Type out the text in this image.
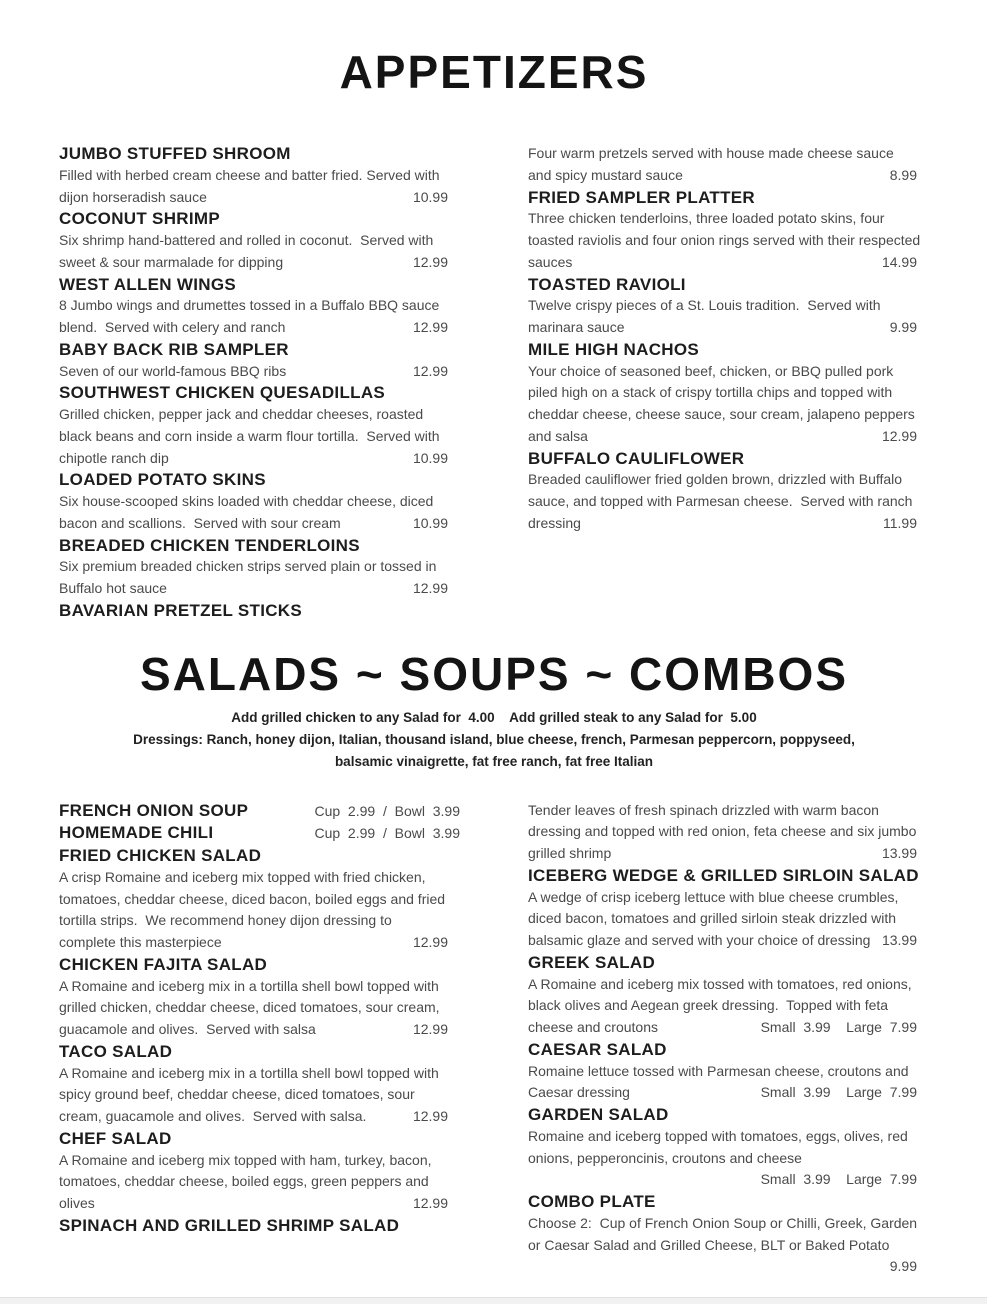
APPETIZERS
JUMBO STUFFED SHROOM
Filled with herbed cream cheese and batter fried. Served with
dijon horseradish sauce	10.99
COCONUT SHRIMP
Six shrimp hand-battered and rolled in coconut.  Served with
sweet & sour marmalade for dipping	12.99
WEST ALLEN WINGS
8 Jumbo wings and drumettes tossed in a Buffalo BBQ sauce
blend.  Served with celery and ranch	12.99
BABY BACK RIB SAMPLER
Seven of our world-famous BBQ ribs	12.99
SOUTHWEST CHICKEN QUESADILLAS
Grilled chicken, pepper jack and cheddar cheeses, roasted
black beans and corn inside a warm flour tortilla.  Served with
chipotle ranch dip	10.99
LOADED POTATO SKINS
Six house-scooped skins loaded with cheddar cheese, diced
bacon and scallions.  Served with sour cream	10.99
BREADED CHICKEN TENDERLOINS
Six premium breaded chicken strips served plain or tossed in
Buffalo hot sauce	12.99
BAVARIAN PRETZEL STICKS
Four warm pretzels served with house made cheese sauce
and spicy mustard sauce	8.99
FRIED SAMPLER PLATTER
Three chicken tenderloins, three loaded potato skins, four
toasted raviolis and four onion rings served with their respected
sauces	14.99
TOASTED RAVIOLI
Twelve crispy pieces of a St. Louis tradition.  Served with
marinara sauce	9.99
MILE HIGH NACHOS
Your choice of seasoned beef, chicken, or BBQ pulled pork
piled high on a stack of crispy tortilla chips and topped with
cheddar cheese, cheese sauce, sour cream, jalapeno peppers
and salsa	12.99
BUFFALO CAULIFLOWER
Breaded cauliflower fried golden brown, drizzled with Buffalo
sauce, and topped with Parmesan cheese.  Served with ranch
dressing	11.99
SALADS ~ SOUPS ~ COMBOS
Add grilled chicken to any Salad for  4.00    Add grilled steak to any Salad for  5.00
Dressings: Ranch, honey dijon, Italian, thousand island, blue cheese, french, Parmesan peppercorn, poppyseed,
balsamic vinaigrette, fat free ranch, fat free Italian
FRENCH ONION SOUP	Cup  2.99  /  Bowl  3.99
HOMEMADE CHILI	Cup  2.99  /  Bowl  3.99
FRIED CHICKEN SALAD
A crisp Romaine and iceberg mix topped with fried chicken,
tomatoes, cheddar cheese, diced bacon, boiled eggs and fried
tortilla strips.  We recommend honey dijon dressing to
complete this masterpiece	12.99
CHICKEN FAJITA SALAD
A Romaine and iceberg mix in a tortilla shell bowl topped with
grilled chicken, cheddar cheese, diced tomatoes, sour cream,
guacamole and olives.  Served with salsa	12.99
TACO SALAD
A Romaine and iceberg mix in a tortilla shell bowl topped with
spicy ground beef, cheddar cheese, diced tomatoes, sour
cream, guacamole and olives.  Served with salsa.	12.99
CHEF SALAD
A Romaine and iceberg mix topped with ham, turkey, bacon,
tomatoes, cheddar cheese, boiled eggs, green peppers and
olives	12.99
SPINACH AND GRILLED SHRIMP SALAD
Tender leaves of fresh spinach drizzled with warm bacon
dressing and topped with red onion, feta cheese and six jumbo
grilled shrimp	13.99
ICEBERG WEDGE & GRILLED SIRLOIN SALAD
A wedge of crisp iceberg lettuce with blue cheese crumbles,
diced bacon, tomatoes and grilled sirloin steak drizzled with
balsamic glaze and served with your choice of dressing 13.99
GREEK SALAD
A Romaine and iceberg mix tossed with tomatoes, red onions,
black olives and Aegean greek dressing.  Topped with feta
cheese and croutons	Small  3.99    Large  7.99
CAESAR SALAD
Romaine lettuce tossed with Parmesan cheese, croutons and
Caesar dressing	Small  3.99    Large  7.99
GARDEN SALAD
Romaine and iceberg topped with tomatoes, eggs, olives, red
onions, pepperoncinis, croutons and cheese
Small  3.99    Large  7.99
COMBO PLATE
Choose 2:  Cup of French Onion Soup or Chilli, Greek, Garden
or Caesar Salad and Grilled Cheese, BLT or Baked Potato
9.99
